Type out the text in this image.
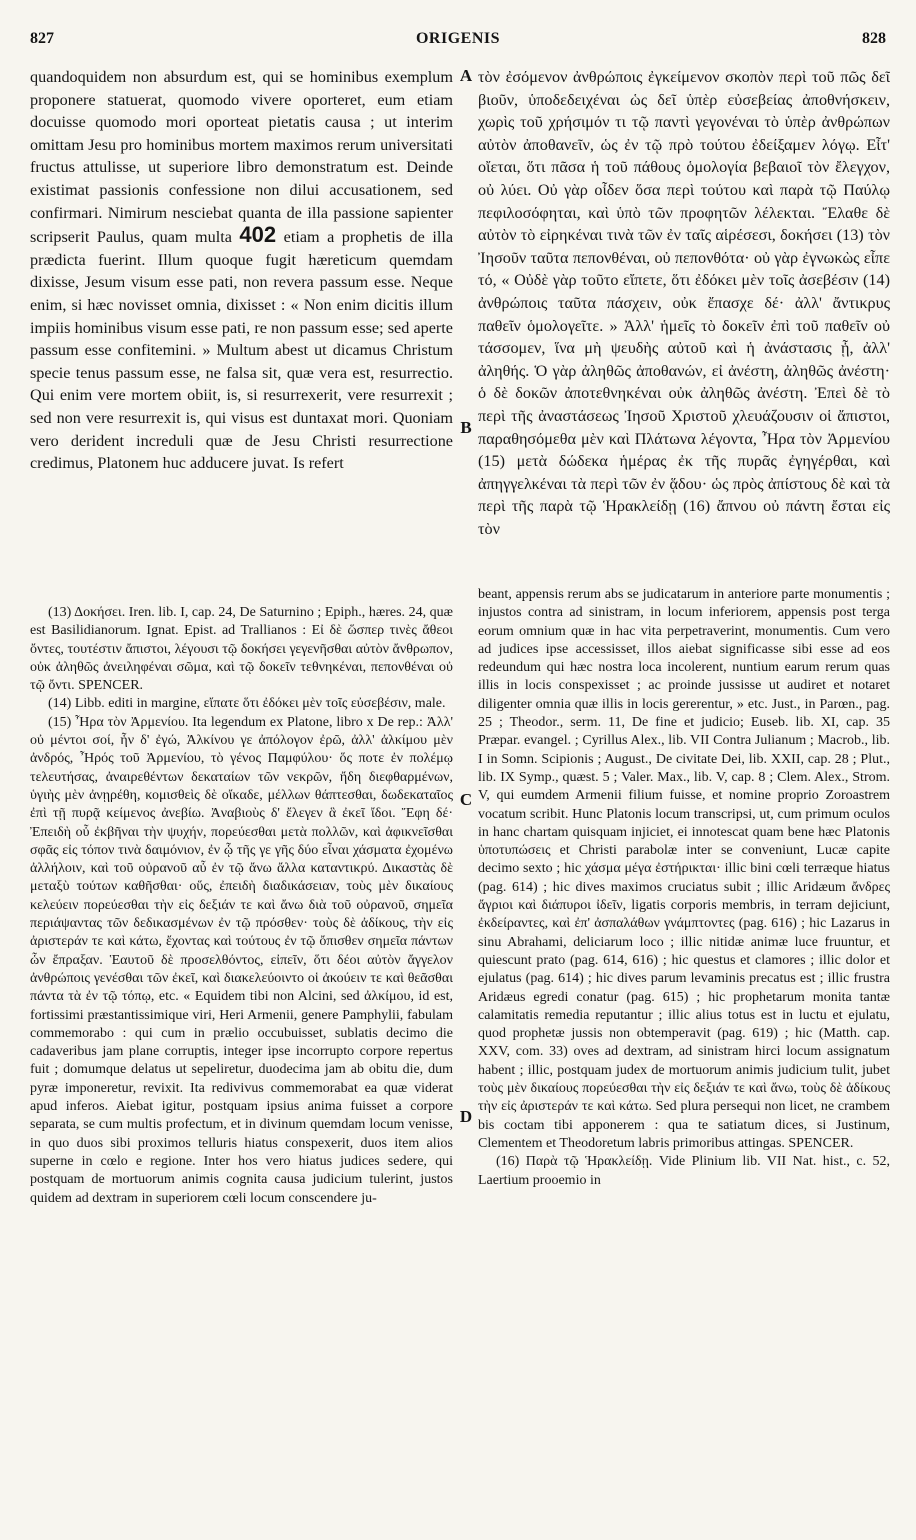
827	ORIGENIS	828

quandoquidem non absurdum est, qui se hominibus exemplum proponere statuerat, quomodo vivere oporteret, eum etiam docuisse quomodo mori oporteat pietatis causa ; ut interim omittam Jesu pro hominibus mortem maximos rerum universitati fructus attulisse, ut superiore libro demonstratum est. Deinde existimat passionis confessione non dilui accusationem, sed confirmari. Nimirum nesciebat quanta de illa passione sapienter scripserit Paulus, quam multa 402 etiam a prophetis de illa prædicta fuerint. Illum quoque fugit hæreticum quemdam dixisse, Jesum visum esse pati, non revera passum esse. Neque enim, si hæc novisset omnia, dixisset : « Non enim dicitis illum impiis hominibus visum esse pati, re non passum esse; sed aperte passum esse confitemini. » Multum abest ut dicamus Christum specie tenus passum esse, ne falsa sit, quæ vera est, resurrectio. Qui enim vere mortem obiit, is, si resurrexerit, vere resurrexit ; sed non vere resurrexit is, qui visus est duntaxat mori. Quoniam vero derident increduli quæ de Jesu Christi resurrectione credimus, Platonem huc adducere juvat. Is refert

A
B
C
D

τὸν ἐσόμενον ἀνθρώποις ἐγκείμενον σκοπὸν περὶ τοῦ πῶς δεῖ βιοῦν, ὑποδεδειχέναι ὡς δεῖ ὑπὲρ εὐσεβείας ἀποθνήσκειν, χωρὶς τοῦ χρήσιμόν τι τῷ παντὶ γεγονέναι τὸ ὑπὲρ ἀνθρώπων αὐτὸν ἀποθανεῖν, ὡς ἐν τῷ πρὸ τούτου ἐδείξαμεν λόγῳ. Εἶτ' οἴεται, ὅτι πᾶσα ἡ τοῦ πάθους ὁμολογία βεβαιοῖ τὸν ἔλεγχον, οὐ λύει. Οὐ γὰρ οἶδεν ὅσα περὶ τούτου καὶ παρὰ τῷ Παύλῳ πεφιλοσόφηται, καὶ ὑπὸ τῶν προφητῶν λέλεκται. Ἔλαθε δὲ αὐτὸν τὸ εἰρηκέναι τινὰ τῶν ἐν ταῖς αἱρέσεσι, δοκήσει (13) τὸν Ἰησοῦν ταῦτα πεπονθέναι, οὐ πεπονθότα· οὐ γὰρ ἐγνωκὼς εἶπε τό, « Οὐδὲ γὰρ τοῦτο εἴπετε, ὅτι ἐδόκει μὲν τοῖς ἀσεβέσιν (14) ἀνθρώποις ταῦτα πάσχειν, οὐκ ἔπασχε δέ· ἀλλ' ἄντικρυς παθεῖν ὁμολογεῖτε. » Ἀλλ' ἡμεῖς τὸ δοκεῖν ἐπὶ τοῦ παθεῖν οὐ τάσσομεν, ἵνα μὴ ψευδὴς αὐτοῦ καὶ ἡ ἀνάστασις ᾖ, ἀλλ' ἀληθής. Ὁ γὰρ ἀληθῶς ἀποθανών, εἰ ἀνέστη, ἀληθῶς ἀνέστη· ὁ δὲ δοκῶν ἀποτεθνηκέναι οὐκ ἀληθῶς ἀνέστη. Ἐπεὶ δὲ τὸ περὶ τῆς ἀναστάσεως Ἰησοῦ Χριστοῦ χλευάζουσιν οἱ ἄπιστοι, παραθησόμεθα μὲν καὶ Πλάτωνα λέγοντα, Ἦρα τὸν Ἀρμενίου (15) μετὰ δώδεκα ἡμέρας ἐκ τῆς πυρᾶς ἐγηγέρθαι, καὶ ἀπηγγελκέναι τὰ περὶ τῶν ἐν ᾅδου· ὡς πρὸς ἀπίστους δὲ καὶ τὰ περὶ τῆς παρὰ τῷ Ἡρακλείδῃ (16) ἄπνου οὐ πάντη ἔσται εἰς τὸν

(13) Δοκήσει. Iren. lib. I, cap. 24, De Saturnino ; Epiph., hæres. 24, quæ est Basilidianorum. Ignat. Epist. ad Trallianos : Εἰ δὲ ὥσπερ τινὲς ἄθεοι ὄντες, τουτέστιν ἄπιστοι, λέγουσι τῷ δοκήσει γεγενῆσθαι αὐτὸν ἄνθρωπον, οὐκ ἀληθῶς ἀνειληφέναι σῶμα, καὶ τῷ δοκεῖν τεθνηκέναι, πεπονθέναι οὐ τῷ ὄντι. SPENCER.

(14) Libb. editi in margine, εἴπατε ὅτι ἐδόκει μὲν τοῖς εὐσεβέσιν, male.

(15) Ἦρα τὸν Ἀρμενίου. Ita legendum ex Platone, libro x De rep.: Ἀλλ' οὐ μέντοι σοί, ἦν δ' ἐγώ, Ἀλκίνου γε ἀπόλογον ἐρῶ, ἀλλ' ἀλκίμου μὲν ἀνδρός, Ἦρός τοῦ Ἀρμενίου, τὸ γένος Παμφύλου· ὅς ποτε ἐν πολέμῳ τελευτήσας, ἀναιρεθέντων δεκαταίων τῶν νεκρῶν, ἤδη διεφθαρμένων, ὑγιὴς μὲν ἀνῃρέθη, κομισθεὶς δὲ οἴκαδε, μέλλων θάπτεσθαι, δωδεκαταῖος ἐπὶ τῇ πυρᾷ κείμενος ἀνεβίω. Ἀναβιοὺς δ' ἔλεγεν ἃ ἐκεῖ ἴδοι. Ἔφη δέ· Ἐπειδὴ οὗ ἐκβῆναι τὴν ψυχήν, πορεύεσθαι μετὰ πολλῶν, καὶ ἀφικνεῖσθαι σφᾶς εἰς τόπον τινὰ δαιμόνιον, ἐν ᾧ τῆς γε γῆς δύο εἶναι χάσματα ἐχομένω ἀλλήλοιν, καὶ τοῦ οὐρανοῦ αὖ ἐν τῷ ἄνω ἄλλα καταντικρύ. Δικαστὰς δὲ μεταξὺ τούτων καθῆσθαι· οὕς, ἐπειδὴ διαδικάσειαν, τοὺς μὲν δικαίους κελεύειν πορεύεσθαι τὴν εἰς δεξιάν τε καὶ ἄνω διὰ τοῦ οὐρανοῦ, σημεῖα περιάψαντας τῶν δεδικασμένων ἐν τῷ πρόσθεν· τοὺς δὲ ἀδίκους, τὴν εἰς ἀριστεράν τε καὶ κάτω, ἔχοντας καὶ τούτους ἐν τῷ ὄπισθεν σημεῖα πάντων ὧν ἔπραξαν. Ἑαυτοῦ δὲ προσελθόντος, εἰπεῖν, ὅτι δέοι αὐτὸν ἄγγελον ἀνθρώποις γενέσθαι τῶν ἐκεῖ, καὶ διακελεύοιντο οἱ ἀκούειν τε καὶ θεᾶσθαι πάντα τὰ ἐν τῷ τόπῳ, etc. « Equidem tibi non Alcini, sed ἀλκίμου, id est, fortissimi præstantissimique viri, Heri Armenii, genere Pamphylii, fabulam commemorabo : qui cum in prælio occubuisset, sublatis decimo die cadaveribus jam plane corruptis, integer ipse incorrupto corpore repertus fuit ; domumque delatus ut sepeliretur, duodecima jam ab obitu die, dum pyræ imponeretur, revixit. Ita redivivus commemorabat ea quæ viderat apud inferos. Aiebat igitur, postquam ipsius anima fuisset a corpore separata, se cum multis profectum, et in divinum quemdam locum venisse, in quo duos sibi proximos telluris hiatus conspexerit, duos item alios superne in cœlo e regione. Inter hos vero hiatus judices sedere, qui postquam de mortuorum animis cognita causa judicium tulerint, justos quidem ad dextram in superiorem cœli locum conscendere ju-

beant, appensis rerum abs se judicatarum in anteriore parte monumentis ; injustos contra ad sinistram, in locum inferiorem, appensis post terga eorum omnium quæ in hac vita perpetraverint, monumentis. Cum vero ad judices ipse accessisset, illos aiebat significasse sibi esse ad eos redeundum qui hæc nostra loca incolerent, nuntium earum rerum quas illis in locis conspexisset ; ac proinde jussisse ut audiret et notaret diligenter omnia quæ illis in locis gererentur, » etc. Just., in Parœn., pag. 25 ; Theodor., serm. 11, De fine et judicio; Euseb. lib. XI, cap. 35 Præpar. evangel. ; Cyrillus Alex., lib. VII Contra Julianum ; Macrob., lib. I in Somn. Scipionis ; August., De civitate Dei, lib. XXII, cap. 28 ; Plut., lib. IX Symp., quæst. 5 ; Valer. Max., lib. V, cap. 8 ; Clem. Alex., Strom. V, qui eumdem Armenii filium fuisse, et nomine proprio Zoroastrem vocatum scribit. Hunc Platonis locum transcripsi, ut, cum primum oculos in hanc chartam quisquam injiciet, ei innotescat quam bene hæc Platonis ὑποτυπώσεις et Christi parabolæ inter se conveniunt, Lucæ capite decimo sexto ; hic χάσμα μέγα ἐστήρικται· illic bini cœli terræque hiatus (pag. 614) ; hic dives maximos cruciatus subit ; illic Aridæum ἄνδρες ἄγριοι καὶ διάπυροι ἰδεῖν, ligatis corporis membris, in terram dejiciunt, ἐκδείραντες, καὶ ἐπ' ἀσπαλάθων γνάμπτοντες (pag. 616) ; hic Lazarus in sinu Abrahami, deliciarum loco ; illic nitidæ animæ luce fruuntur, et quiescunt prato (pag. 614, 616) ; hic questus et clamores ; illic dolor et ejulatus (pag. 614) ; hic dives parum levaminis precatus est ; illic frustra Aridæus egredi conatur (pag. 615) ; hic prophetarum monita tantæ calamitatis remedia reputantur ; illic alius totus est in luctu et ejulatu, quod prophetæ jussis non obtemperavit (pag. 619) ; hic (Matth. cap. XXV, com. 33) oves ad dextram, ad sinistram hirci locum assignatum habent ; illic, postquam judex de mortuorum animis judicium tulit, jubet τοὺς μὲν δικαίους πορεύεσθαι τὴν εἰς δεξιάν τε καὶ ἄνω, τοὺς δὲ ἀδίκους τὴν εἰς ἀριστεράν τε καὶ κάτω. Sed plura persequi non licet, ne crambem bis coctam tibi apponerem : qua te satiatum dices, si Justinum, Clementem et Theodoretum labris primoribus attingas. SPENCER.

(16) Παρὰ τῷ Ἡρακλείδῃ. Vide Plinium lib. VII Nat. hist., c. 52, Laertium prooemio in
